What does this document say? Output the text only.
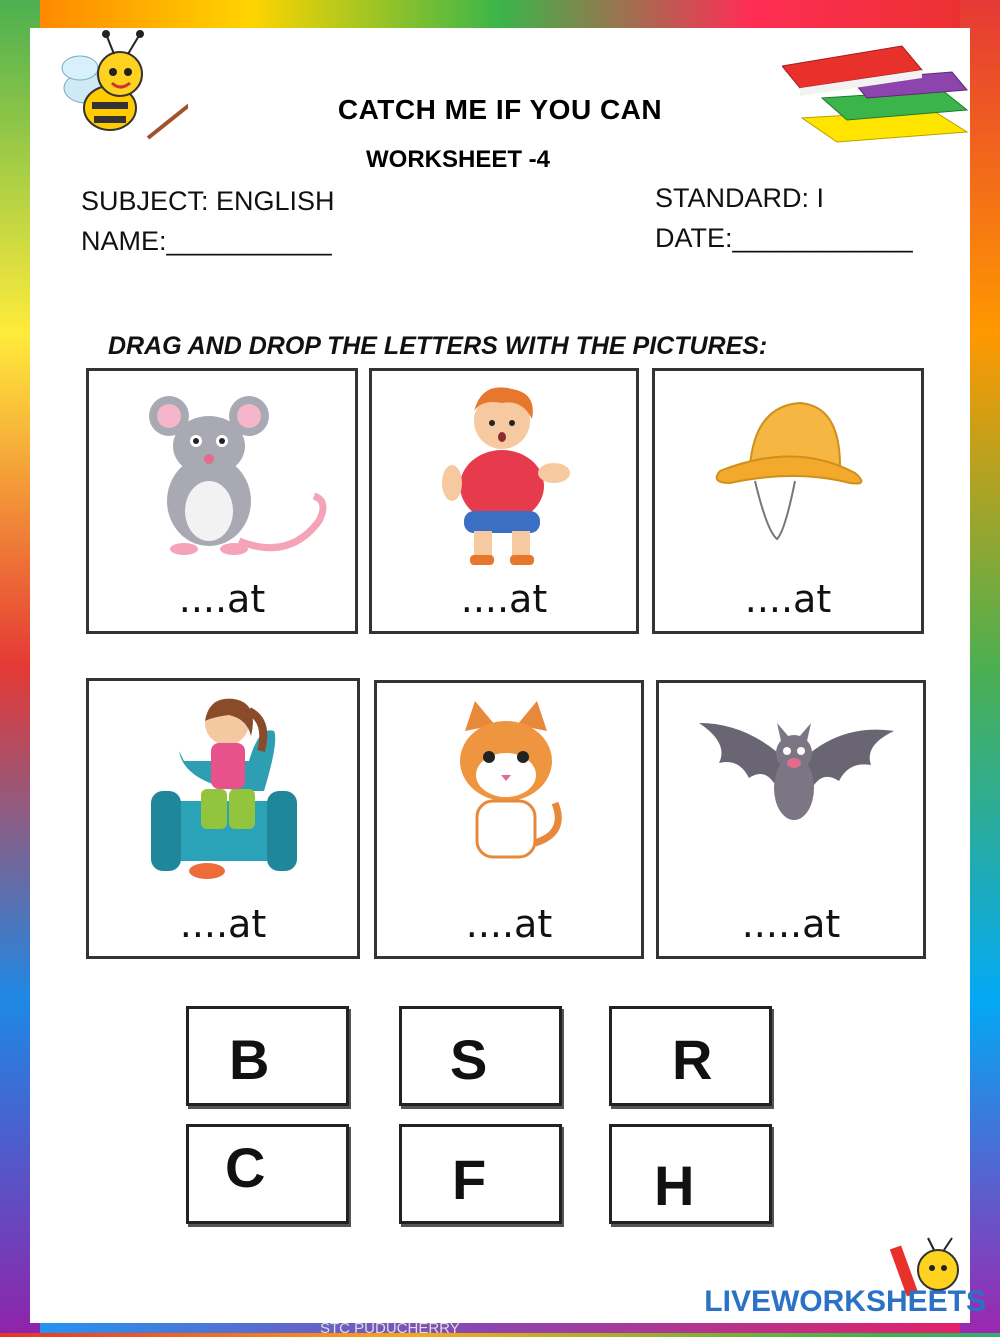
CATCH ME IF YOU CAN
WORKSHEET -4
SUBJECT: ENGLISH
NAME:___________
STANDARD: I
DATE:____________
DRAG AND DROP THE LETTERS WITH THE PICTURES:
....at	....at	....at
....at	....at	.....at
B	S	R
C	F	H
LIVEWORKSHEETS
STC PUDUCHERRY
